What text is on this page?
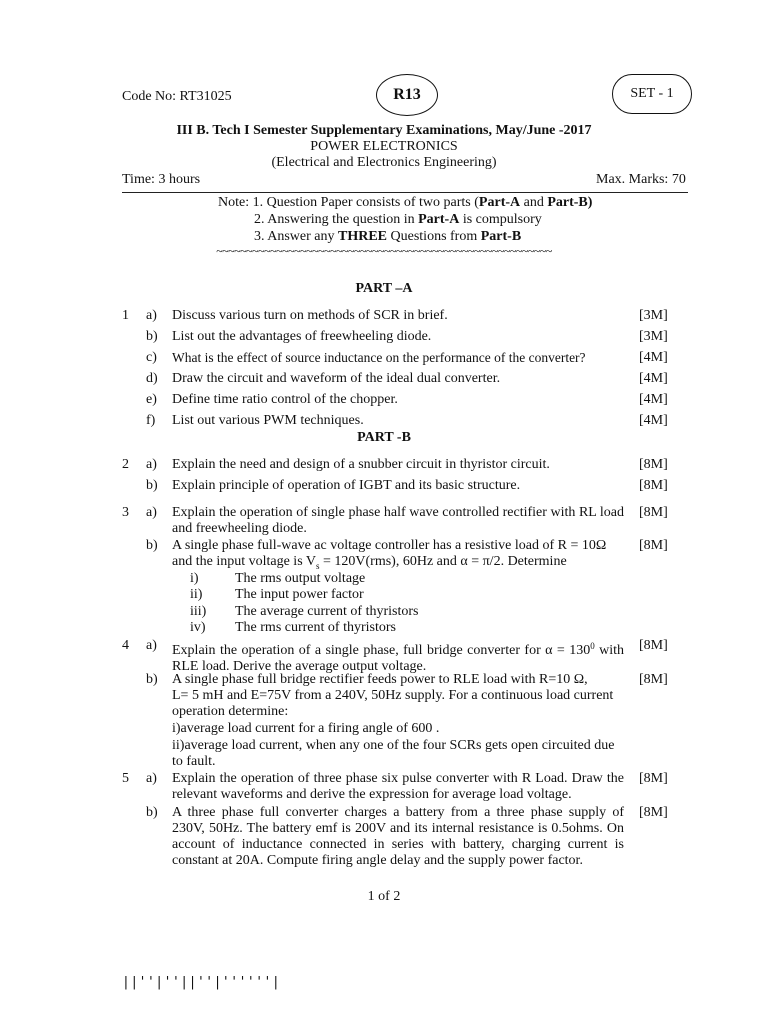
Code No: RT31025	R13	SET - 1
III B. Tech I Semester Supplementary Examinations, May/June -2017
POWER ELECTRONICS
(Electrical and Electronics Engineering)
Time: 3 hours	Max. Marks: 70
Note: 1. Question Paper consists of two parts (Part-A and Part-B)
2. Answering the question in Part-A is compulsory
3. Answer any THREE Questions from Part-B
~~~~~~~~~~~~~~~~~~~~~~~~~~~~~~~~~~~~~~~~~~~~~~~~~~~~~~~~
PART –A
1	a)	Discuss various turn on methods of SCR in brief.	[3M]
b)	List out the advantages of freewheeling diode.	[3M]
c)	What is the effect of source inductance on the performance of the converter?	[4M]
d)	Draw the circuit and waveform of the ideal dual converter.	[4M]
e)	Define time ratio control of the chopper.	[4M]
f)	List out various PWM techniques.	[4M]
PART -B
2	a)	Explain the need and design of a snubber circuit in thyristor circuit.	[8M]
b)	Explain principle of operation of IGBT and its basic structure.	[8M]
3	a)	Explain the operation of single phase half wave controlled rectifier with RL load and freewheeling diode.
[8M]
b)	A single phase full-wave ac voltage controller has a resistive load of R = 10Ω
and the input voltage is $V_s = 120V(rms)$, 60Hz and α = π/2. Determine
[8M]
i)	The rms output voltage
ii)	The input power factor
iii)	The average current of thyristors
iv)	The rms current of thyristors
4	a)	Explain the operation of a single phase, full bridge converter for $\alpha = 130^0$ with RLE load. Derive the average output voltage.
[8M]
b)	A single phase full bridge rectifier feeds power to RLE load with R=10 Ω,
L= 5 mH and E=75V from a 240V, 50Hz supply. For a continuous load current
operation determine:
i)average load current for a firing angle of 600 .
ii)average load current, when any one of the four SCRs gets open circuited due
to fault.
[8M]
5	a)	Explain the operation of three phase six pulse converter with R Load. Draw the relevant waveforms and derive the expression for average load voltage.
[8M]
b)	A three phase full converter charges a battery from a three phase supply of 230V, 50Hz. The battery emf is 200V and its internal resistance is 0.5ohms. On account of inductance connected in series with battery, charging current is constant at 20A. Compute firing angle delay and the supply power factor.
[8M]
1 of 2
||''|''||''|''''''|
